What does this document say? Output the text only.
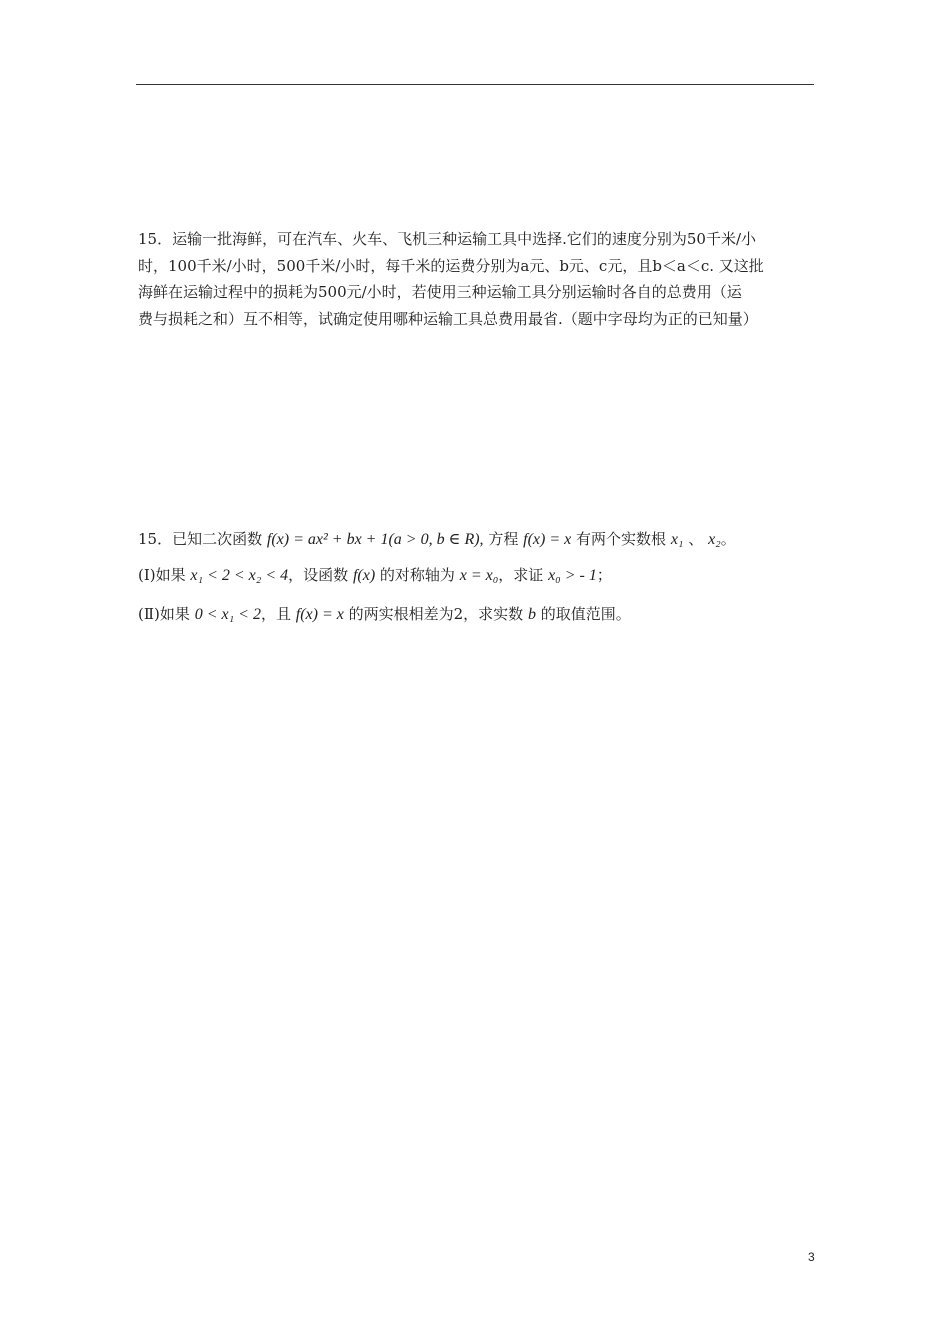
15．运输一批海鲜，可在汽车、火车、飞机三种运输工具中选择.它们的速度分别为50千米/小
时，100千米/小时，500千米/小时，每千米的运费分别为a元、b元、c元，且b＜a＜c. 又这批
海鲜在运输过程中的损耗为500元/小时，若使用三种运输工具分别运输时各自的总费用（运
费与损耗之和）互不相等，试确定使用哪种运输工具总费用最省.（题中字母均为正的已知量）
15．已知二次函数 f(x) = ax² + bx + 1(a > 0, b ∈ R), 方程 f(x) = x 有两个实数根 x₁ 、 x₂。
(Ⅰ)如果 x₁ < 2 < x₂ < 4，设函数 f(x) 的对称轴为 x = x₀，求证 x₀ > - 1；
(Ⅱ)如果 0 < x₁ < 2，且 f(x) = x 的两实根相差为2，求实数 b 的取值范围。
3
